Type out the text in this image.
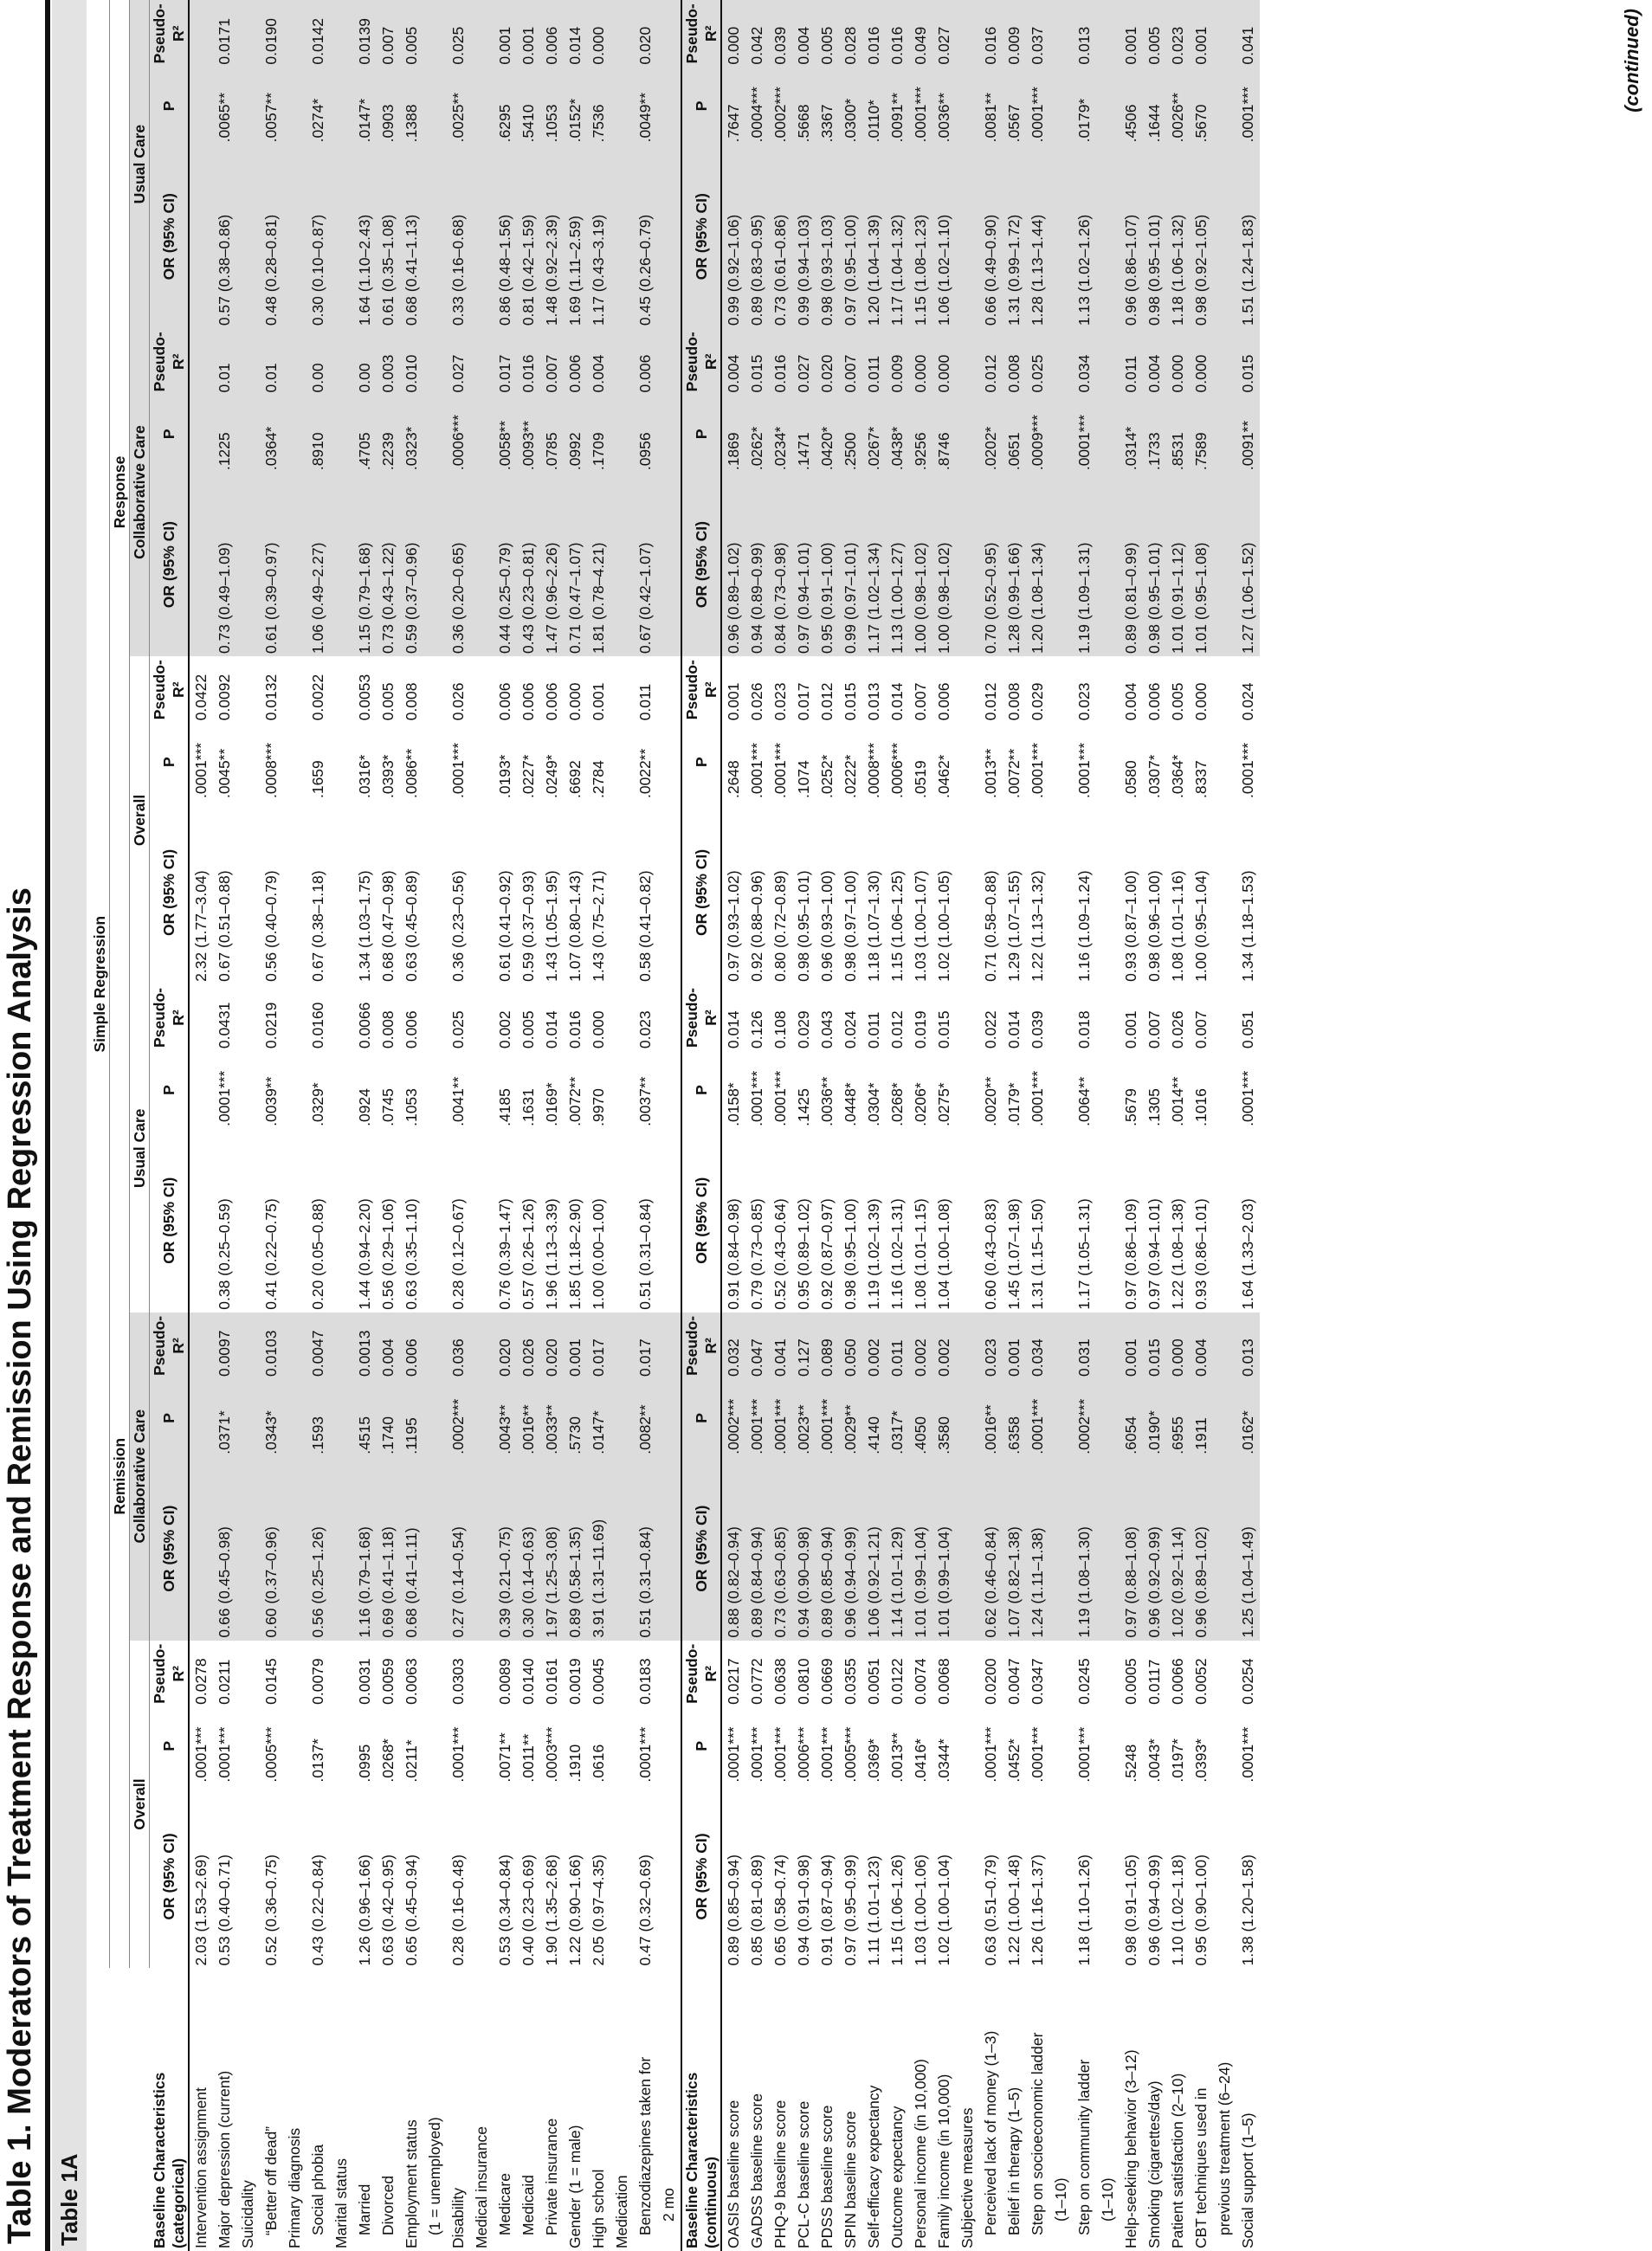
Table 1. Moderators of Treatment Response and Remission Using Regression Analysis Table 1A
	Simple Regression																	
	Remission									Response								
	Overall			Collaborative Care			Usual Care			Overall			Collaborative Care			Usual Care		
Baseline Characteristics (categorical)	OR (95% CI)	P	Pseudo-R²	OR (95% CI)	P	Pseudo-R²	OR (95% CI)	P	Pseudo-R²	OR (95% CI)	P	Pseudo-R²	OR (95% CI)	P	Pseudo-R²	OR (95% CI)	P	Pseudo-R²
Intervention assignment	2.03 (1.53–2.69)	.0001***	0.0278							2.32 (1.77–3.04)	.0001***	0.0422						
Major depression (current)	0.53 (0.40–0.71)	.0001***	0.0211	0.66 (0.45–0.98)	.0371*	0.0097	0.38 (0.25–0.59)	.0001***	0.0431	0.67 (0.51–0.88)	.0045**	0.0092	0.73 (0.49–1.09)	.1225	0.01	0.57 (0.38–0.86)	.0065**	0.0171
Suicidality																		
“Better off dead”	0.52 (0.36–0.75)	.0005***	0.0145	0.60 (0.37–0.96)	.0343*	0.0103	0.41 (0.22–0.75)	.0039**	0.0219	0.56 (0.40–0.79)	.0008***	0.0132	0.61 (0.39–0.97)	.0364*	0.01	0.48 (0.28–0.81)	.0057**	0.0190
Primary diagnosis																		
Social phobia	0.43 (0.22–0.84)	.0137*	0.0079	0.56 (0.25–1.26)	.1593	0.0047	0.20 (0.05–0.88)	.0329*	0.0160	0.67 (0.38–1.18)	.1659	0.0022	1.06 (0.49–2.27)	.8910	0.00	0.30 (0.10–0.87)	.0274*	0.0142
Marital status																		
Married	1.26 (0.96–1.66)	.0995	0.0031	1.16 (0.79–1.68)	.4515	0.0013	1.44 (0.94–2.20)	.0924	0.0066	1.34 (1.03–1.75)	.0316*	0.0053	1.15 (0.79–1.68)	.4705	0.00	1.64 (1.10–2.43)	.0147*	0.0139
Divorced	0.63 (0.42–0.95)	.0268*	0.0059	0.69 (0.41–1.18)	.1740	0.004	0.56 (0.29–1.06)	.0745	0.008	0.68 (0.47–0.98)	.0393*	0.005	0.73 (0.43–1.22)	.2239	0.003	0.61 (0.35–1.08)	.0903	0.007
Employment status	0.65 (0.45–0.94)	.0211*	0.0063	0.68 (0.41–1.11)	.1195	0.006	0.63 (0.35–1.10)	.1053	0.006	0.63 (0.45–0.89)	.0086**	0.008	0.59 (0.37–0.96)	.0323*	0.010	0.68 (0.41–1.13)	.1388	0.005
(1 = unemployed)																		
Disability	0.28 (0.16–0.48)	.0001***	0.0303	0.27 (0.14–0.54)	.0002***	0.036	0.28 (0.12–0.67)	.0041**	0.025	0.36 (0.23–0.56)	.0001***	0.026	0.36 (0.20–0.65)	.0006***	0.027	0.33 (0.16–0.68)	.0025**	0.025
Medical insurance																		
Medicare	0.53 (0.34–0.84)	.0071**	0.0089	0.39 (0.21–0.75)	.0043**	0.020	0.76 (0.39–1.47)	.4185	0.002	0.61 (0.41–0.92)	.0193*	0.006	0.44 (0.25–0.79)	.0058**	0.017	0.86 (0.48–1.56)	.6295	0.001
Medicaid	0.40 (0.23–0.69)	.0011**	0.0140	0.30 (0.14–0.63)	.0016**	0.026	0.57 (0.26–1.26)	.1631	0.005	0.59 (0.37–0.93)	.0227*	0.006	0.43 (0.23–0.81)	.0093**	0.016	0.81 (0.42–1.59)	.5410	0.001
Private insurance	1.90 (1.35–2.68)	.0003***	0.0161	1.97 (1.25–3.08)	.0033**	0.020	1.96 (1.13–3.39)	.0169*	0.014	1.43 (1.05–1.95)	.0249*	0.006	1.47 (0.96–2.26)	.0785	0.007	1.48 (0.92–2.39)	.1053	0.006
Gender (1 = male)	1.22 (0.90–1.66)	.1910	0.0019	0.89 (0.58–1.35)	.5730	0.001	1.85 (1.18–2.90)	.0072**	0.016	1.07 (0.80–1.43)	.6692	0.000	0.71 (0.47–1.07)	.0992	0.006	1.69 (1.11–2.59)	.0152*	0.014
High school	2.05 (0.97–4.35)	.0616	0.0045	3.91 (1.31–11.69)	.0147*	0.017	1.00 (0.00–1.00)	.9970	0.000	1.43 (0.75–2.71)	.2784	0.001	1.81 (0.78–4.21)	.1709	0.004	1.17 (0.43–3.19)	.7536	0.000
Medication																		
Benzodiazepines taken for	0.47 (0.32–0.69)	.0001***	0.0183	0.51 (0.31–0.84)	.0082**	0.017	0.51 (0.31–0.84)	.0037**	0.023	0.58 (0.41–0.82)	.0022**	0.011	0.67 (0.42–1.07)	.0956	0.006	0.45 (0.26–0.79)	.0049**	0.020
2 mo																		
Baseline Characteristics (continuous)	OR (95% CI)	P	Pseudo-R²	OR (95% CI)	P	Pseudo-R²	OR (95% CI)	P	Pseudo-R²	OR (95% CI)	P	Pseudo-R²	OR (95% CI)	P	Pseudo-R²	OR (95% CI)	P	Pseudo-R²
OASIS baseline score	0.89 (0.85–0.94)	.0001***	0.0217	0.88 (0.82–0.94)	.0002***	0.032	0.91 (0.84–0.98)	.0158*	0.014	0.97 (0.93–1.02)	.2648	0.001	0.96 (0.89–1.02)	.1869	0.004	0.99 (0.92–1.06)	.7647	0.000
GADSS baseline score	0.85 (0.81–0.89)	.0001***	0.0772	0.89 (0.84–0.94)	.0001***	0.047	0.79 (0.73–0.85)	.0001***	0.126	0.92 (0.88–0.96)	.0001***	0.026	0.94 (0.89–0.99)	.0262*	0.015	0.89 (0.83–0.95)	.0004***	0.042
PHQ-9 baseline score	0.65 (0.58–0.74)	.0001***	0.0638	0.73 (0.63–0.85)	.0001***	0.041	0.52 (0.43–0.64)	.0001***	0.108	0.80 (0.72–0.89)	.0001***	0.023	0.84 (0.73–0.98)	.0234*	0.016	0.73 (0.61–0.86)	.0002***	0.039
PCL-C baseline score	0.94 (0.91–0.98)	.0006***	0.0810	0.94 (0.90–0.98)	.0023**	0.127	0.95 (0.89–1.02)	.1425	0.029	0.98 (0.95–1.01)	.1074	0.017	0.97 (0.94–1.01)	.1471	0.027	0.99 (0.94–1.03)	.5668	0.004
PDSS baseline score	0.91 (0.87–0.94)	.0001***	0.0669	0.89 (0.85–0.94)	.0001***	0.089	0.92 (0.87–0.97)	.0036**	0.043	0.96 (0.93–1.00)	.0252*	0.012	0.95 (0.91–1.00)	.0420*	0.020	0.98 (0.93–1.03)	.3367	0.005
SPIN baseline score	0.97 (0.95–0.99)	.0005***	0.0355	0.96 (0.94–0.99)	.0029**	0.050	0.98 (0.95–1.00)	.0448*	0.024	0.98 (0.97–1.00)	.0222*	0.015	0.99 (0.97–1.01)	.2500	0.007	0.97 (0.95–1.00)	.0300*	0.028
Self-efficacy expectancy	1.11 (1.01–1.23)	.0369*	0.0051	1.06 (0.92–1.21)	.4140	0.002	1.19 (1.02–1.39)	.0304*	0.011	1.18 (1.07–1.30)	.0008***	0.013	1.17 (1.02–1.34)	.0267*	0.011	1.20 (1.04–1.39)	.0110*	0.016
Outcome expectancy	1.15 (1.06–1.26)	.0013**	0.0122	1.14 (1.01–1.29)	.0317*	0.011	1.16 (1.02–1.31)	.0268*	0.012	1.15 (1.06–1.25)	.0006***	0.014	1.13 (1.00–1.27)	.0438*	0.009	1.17 (1.04–1.32)	.0091**	0.016
Personal income (in 10,000)	1.03 (1.00–1.06)	.0416*	0.0074	1.01 (0.99–1.04)	.4050	0.002	1.08 (1.01–1.15)	.0206*	0.019	1.03 (1.00–1.07)	.0519	0.007	1.00 (0.98–1.02)	.9256	0.000	1.15 (1.08–1.23)	.0001***	0.049
Family income (in 10,000)	1.02 (1.00–1.04)	.0344*	0.0068	1.01 (0.99–1.04)	.3580	0.002	1.04 (1.00–1.08)	.0275*	0.015	1.02 (1.00–1.05)	.0462*	0.006	1.00 (0.98–1.02)	.8746	0.000	1.06 (1.02–1.10)	.0036**	0.027
Subjective measures																		
Perceived lack of money (1–3)	0.63 (0.51–0.79)	.0001***	0.0200	0.62 (0.46–0.84)	.0016**	0.023	0.60 (0.43–0.83)	.0020**	0.022	0.71 (0.58–0.88)	.0013**	0.012	0.70 (0.52–0.95)	.0202*	0.012	0.66 (0.49–0.90)	.0081**	0.016
Belief in therapy (1–5)	1.22 (1.00–1.48)	.0452*	0.0047	1.07 (0.82–1.38)	.6358	0.001	1.45 (1.07–1.98)	.0179*	0.014	1.29 (1.07–1.55)	.0072**	0.008	1.28 (0.99–1.66)	.0651	0.008	1.31 (0.99–1.72)	.0567	0.009
Step on socioeconomic ladder	1.26 (1.16–1.37)	.0001***	0.0347	1.24 (1.11–1.38)	.0001***	0.034	1.31 (1.15–1.50)	.0001***	0.039	1.22 (1.13–1.32)	.0001***	0.029	1.20 (1.08–1.34)	.0009***	0.025	1.28 (1.13–1.44)	.0001***	0.037
(1–10)																		
Step on community ladder	1.18 (1.10–1.26)	.0001***	0.0245	1.19 (1.08–1.30)	.0002***	0.031	1.17 (1.05–1.31)	.0064**	0.018	1.16 (1.09–1.24)	.0001***	0.023	1.19 (1.09–1.31)	.0001***	0.034	1.13 (1.02–1.26)	.0179*	0.013
(1–10)																		
Help-seeking behavior (3–12)	0.98 (0.91–1.05)	.5248	0.0005	0.97 (0.88–1.08)	.6054	0.001	0.97 (0.86–1.09)	.5679	0.001	0.93 (0.87–1.00)	.0580	0.004	0.89 (0.81–0.99)	.0314*	0.011	0.96 (0.86–1.07)	.4506	0.001
Smoking (cigarettes/day)	0.96 (0.94–0.99)	.0043*	0.0117	0.96 (0.92–0.99)	.0190*	0.015	0.97 (0.94–1.01)	.1305	0.007	0.98 (0.96–1.00)	.0307*	0.006	0.98 (0.95–1.01)	.1733	0.004	0.98 (0.95–1.01)	.1644	0.005
Patient satisfaction (2–10)	1.10 (1.02–1.18)	.0197*	0.0066	1.02 (0.92–1.14)	.6955	0.000	1.22 (1.08–1.38)	.0014**	0.026	1.08 (1.01–1.16)	.0364*	0.005	1.01 (0.91–1.12)	.8531	0.000	1.18 (1.06–1.32)	.0026**	0.023
CBT techniques used in	0.95 (0.90–1.00)	.0393*	0.0052	0.96 (0.89–1.02)	.1911	0.004	0.93 (0.86–1.01)	.1016	0.007	1.00 (0.95–1.04)	.8337	0.000	1.01 (0.95–1.08)	.7589	0.000	0.98 (0.92–1.05)	.5670	0.001
previous treatment (6–24)																		
Social support (1–5)	1.38 (1.20–1.58)	.0001***	0.0254	1.25 (1.04–1.49)	.0162*	0.013	1.64 (1.33–2.03)	.0001***	0.051	1.34 (1.18–1.53)	.0001***	0.024	1.27 (1.06–1.52)	.0091**	0.015	1.51 (1.24–1.83)	.0001***	0.041	(continued)
